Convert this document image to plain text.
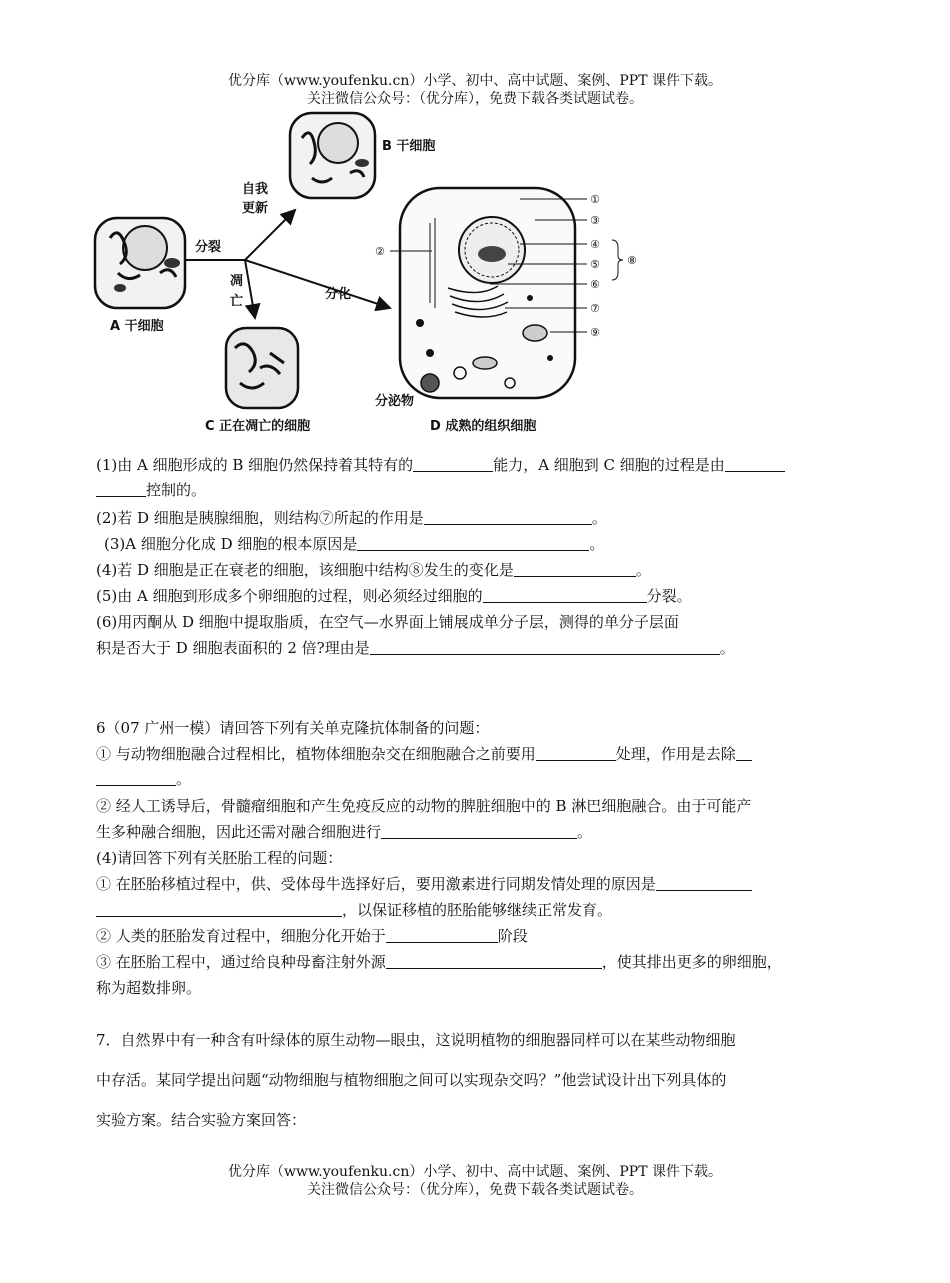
优分库（www.youfenku.cn）小学、初中、高中试题、案例、PPT 课件下载。
关注微信公众号：（优分库），免费下载各类试题试卷。
A 干细胞
B 干细胞
C 正在凋亡的细胞
分裂
自我
更新
凋
亡	分化
分泌物
D 成熟的组织细胞
①
②
③
④
⑤
⑥
⑦
⑧
⑨
(1)由 A 细胞形成的 B 细胞仍然保持着其特有的	能力，A 细胞到 C 细胞的过程是由
控制的。
(2)若 D 细胞是胰腺细胞，则结构⑦所起的作用是	。
(3)A 细胞分化成 D 细胞的根本原因是	。
(4)若 D 细胞是正在衰老的细胞，该细胞中结构⑧发生的变化是	。
(5)由 A 细胞到形成多个卵细胞的过程，则必须经过细胞的	分裂。
(6)用丙酮从 D 细胞中提取脂质，在空气—水界面上铺展成单分子层，测得的单分子层面
积是否大于 D 细胞表面积的 2 倍?理由是	。
6（07 广州一模）请回答下列有关单克隆抗体制备的问题：
① 与动物细胞融合过程相比，植物体细胞杂交在细胞融合之前要用	处理，作用是去除
。
② 经人工诱导后，骨髓瘤细胞和产生免疫反应的动物的脾脏细胞中的 B 淋巴细胞融合。由于可能产
生多种融合细胞，因此还需对融合细胞进行	。
(4)请回答下列有关胚胎工程的问题：
① 在胚胎移植过程中，供、受体母牛选择好后，要用激素进行同期发情处理的原因是
，以保证移植的胚胎能够继续正常发育。
② 人类的胚胎发育过程中，细胞分化开始于	阶段
③ 在胚胎工程中，通过给良种母畜注射外源	，使其排出更多的卵细胞，
称为超数排卵。
7．自然界中有一种含有叶绿体的原生动物—眼虫，这说明植物的细胞器同样可以在某些动物细胞
中存活。某同学提出问题“动物细胞与植物细胞之间可以实现杂交吗？”他尝试设计出下列具体的
实验方案。结合实验方案回答：
优分库（www.youfenku.cn）小学、初中、高中试题、案例、PPT 课件下载。
关注微信公众号：（优分库），免费下载各类试题试卷。
